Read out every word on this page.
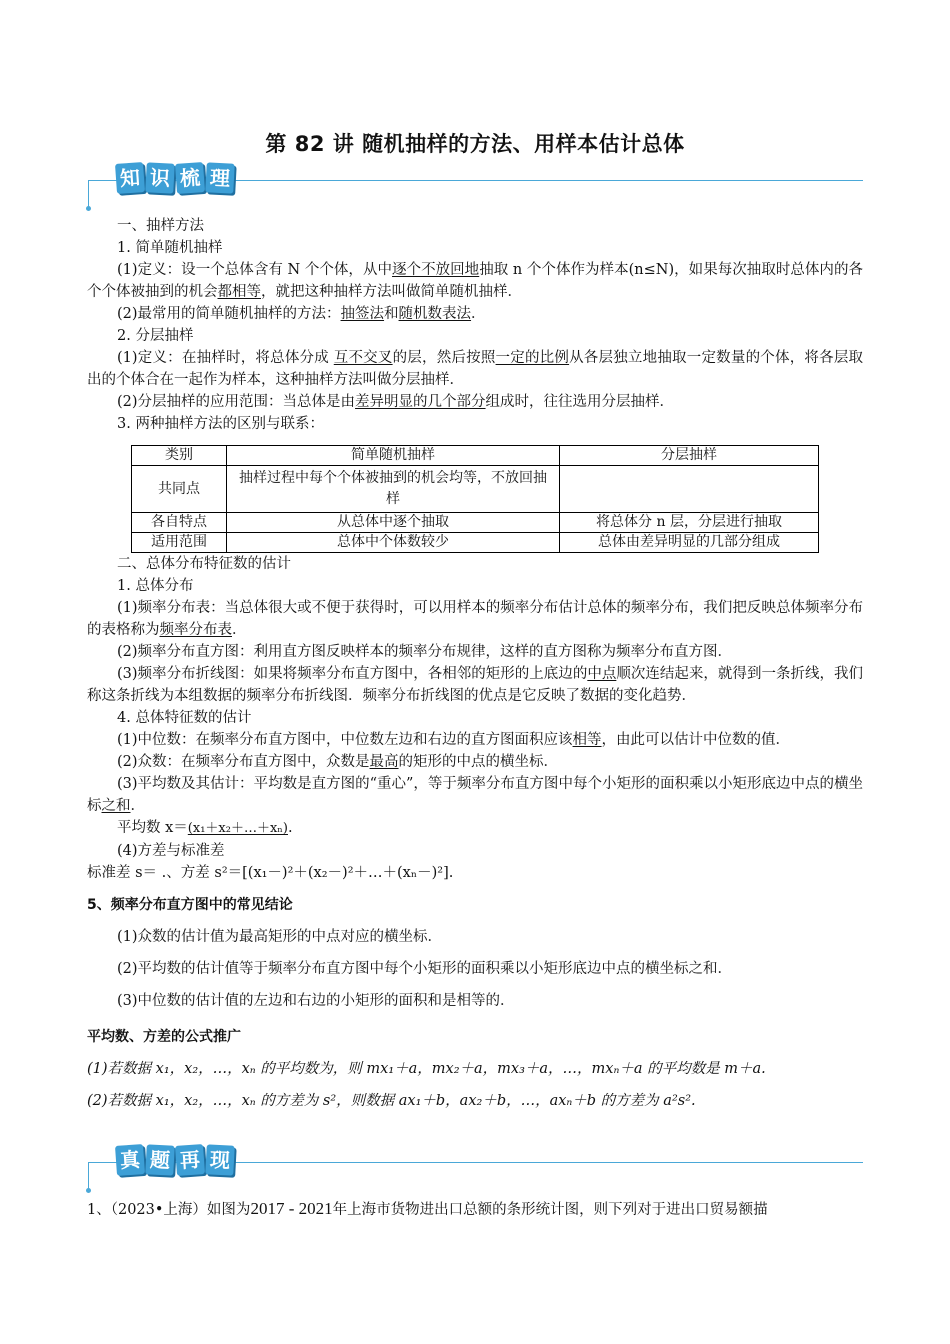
第 82 讲 随机抽样的方法、用样本估计总体
知 识 梳 理
一、抽样方法
1. 简单随机抽样
(1)定义：设一个总体含有 N 个个体，从中逐个不放回地抽取 n 个个体作为样本(n≤N)，如果每次抽取时总体内的各个个体被抽到的机会都相等，就把这种抽样方法叫做简单随机抽样．
(2)最常用的简单随机抽样的方法：抽签法和随机数表法．
2. 分层抽样
(1)定义：在抽样时，将总体分成 互不交叉的层，然后按照一定的比例从各层独立地抽取一定数量的个体，将各层取出的个体合在一起作为样本，这种抽样方法叫做分层抽样．
(2)分层抽样的应用范围：当总体是由差异明显的几个部分组成时，往往选用分层抽样．
3. 两种抽样方法的区别与联系：
类别	简单随机抽样	分层抽样
共同点	抽样过程中每个个体被抽到的机会均等，不放回抽样	
各自特点	从总体中逐个抽取	将总体分 n 层，分层进行抽取
适用范围	总体中个体数较少	总体由差异明显的几部分组成
二、总体分布特征数的估计
1. 总体分布
(1)频率分布表：当总体很大或不便于获得时，可以用样本的频率分布估计总体的频率分布，我们把反映总体频率分布的表格称为频率分布表．
(2)频率分布直方图：利用直方图反映样本的频率分布规律，这样的直方图称为频率分布直方图．
(3)频率分布折线图：如果将频率分布直方图中，各相邻的矩形的上底边的中点顺次连结起来，就得到一条折线，我们称这条折线为本组数据的频率分布折线图．频率分布折线图的优点是它反映了数据的变化趋势．
4. 总体特征数的估计
(1)中位数：在频率分布直方图中，中位数左边和右边的直方图面积应该相等，由此可以估计中位数的值．
(2)众数：在频率分布直方图中，众数是最高的矩形的中点的横坐标．
(3)平均数及其估计：平均数是直方图的“重心”，等于频率分布直方图中每个小矩形的面积乘以小矩形底边中点的横坐标之和．
平均数 x＝(x₁＋x₂＋…＋xₙ).
(4)方差与标准差
标准差 s＝ .、方差 s²＝[(x₁－)²＋(x₂－)²＋…＋(xₙ－)²].
5、频率分布直方图中的常见结论
(1)众数的估计值为最高矩形的中点对应的横坐标．
(2)平均数的估计值等于频率分布直方图中每个小矩形的面积乘以小矩形底边中点的横坐标之和．
(3)中位数的估计值的左边和右边的小矩形的面积和是相等的．
平均数、方差的公式推广
(1)若数据 x₁，x₂，…，xₙ 的平均数为，则 mx₁＋a，mx₂＋a，mx₃＋a，…，mxₙ＋a 的平均数是 m＋a.
(2)若数据 x₁，x₂，…，xₙ 的方差为 s²，则数据 ax₁＋b，ax₂＋b，…，axₙ＋b 的方差为 a²s².
真 题 再 现
1、（2023•上海）如图为2017 - 2021年上海市货物进出口总额的条形统计图，则下列对于进出口贸易额描
